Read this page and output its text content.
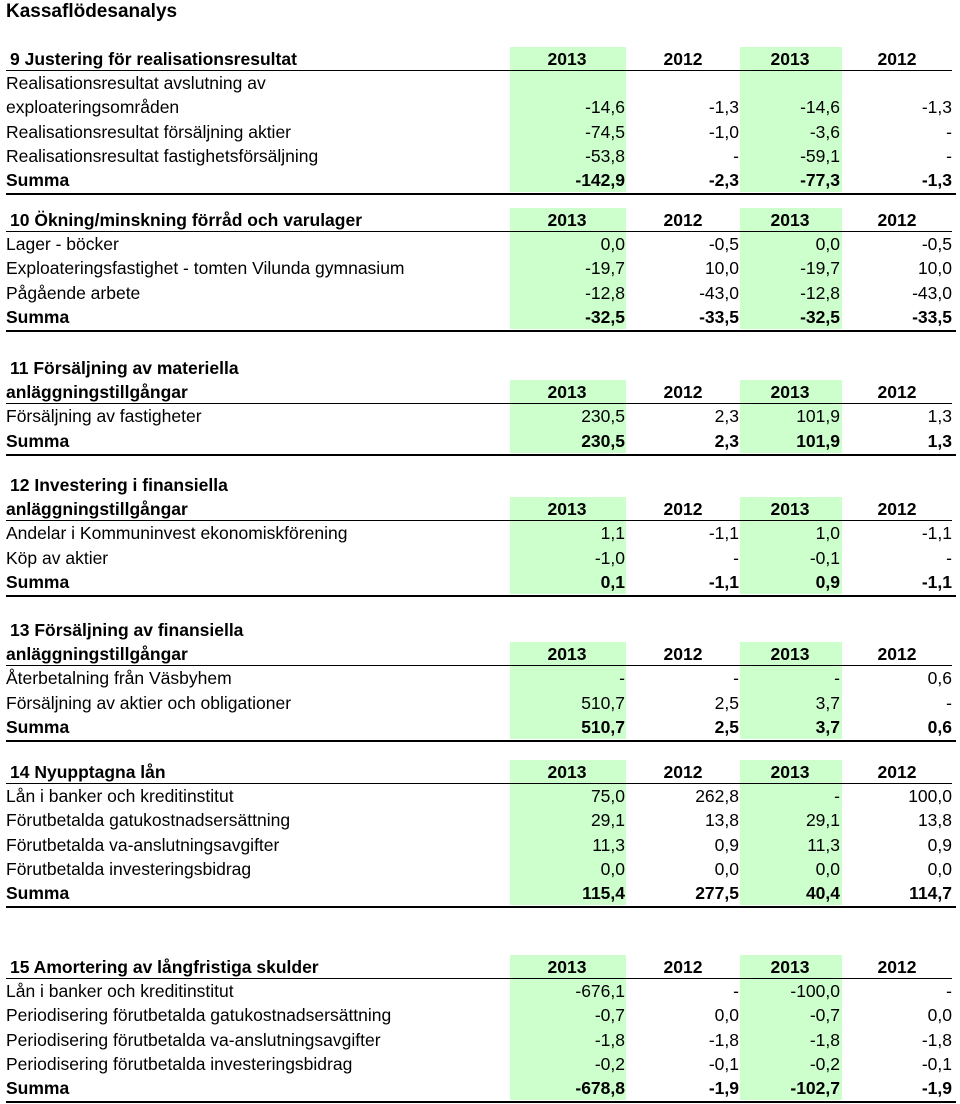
Kassaflödesanalys
9 Justering för realisationsresultat	2013	2012	2013	2012
Realisationsresultat avslutning av
exploateringsområden	-14,6	-1,3	-14,6	-1,3
Realisationsresultat försäljning aktier	-74,5	-1,0	-3,6	-
Realisationsresultat fastighetsförsäljning	-53,8	-	-59,1	-
Summa	-142,9	-2,3	-77,3	-1,3
10 Ökning/minskning förråd och varulager	2013	2012	2013	2012
Lager - böcker	0,0	-0,5	0,0	-0,5
Exploateringsfastighet - tomten Vilunda gymnasium	-19,7	10,0	-19,7	10,0
Pågående arbete	-12,8	-43,0	-12,8	-43,0
Summa	-32,5	-33,5	-32,5	-33,5
11 Försäljning av materiella
anläggningstillgångar	2013	2012	2013	2012
Försäljning av fastigheter	230,5	2,3	101,9	1,3
Summa	230,5	2,3	101,9	1,3
12 Investering i finansiella
anläggningstillgångar	2013	2012	2013	2012
Andelar i Kommuninvest ekonomiskförening	1,1	-1,1	1,0	-1,1
Köp av aktier	-1,0	-	-0,1	-
Summa	0,1	-1,1	0,9	-1,1
13 Försäljning av finansiella
anläggningstillgångar	2013	2012	2013	2012
Återbetalning från Väsbyhem	-	-	-	0,6
Försäljning av aktier och obligationer	510,7	2,5	3,7	-
Summa	510,7	2,5	3,7	0,6
14 Nyupptagna lån	2013	2012	2013	2012
Lån i banker och kreditinstitut	75,0	262,8	-	100,0
Förutbetalda gatukostnadsersättning	29,1	13,8	29,1	13,8
Förutbetalda va-anslutningsavgifter	11,3	0,9	11,3	0,9
Förutbetalda investeringsbidrag	0,0	0,0	0,0	0,0
Summa	115,4	277,5	40,4	114,7
15 Amortering av långfristiga skulder	2013	2012	2013	2012
Lån i banker och kreditinstitut	-676,1	-	-100,0	-
Periodisering förutbetalda gatukostnadsersättning	-0,7	0,0	-0,7	0,0
Periodisering förutbetalda va-anslutningsavgifter	-1,8	-1,8	-1,8	-1,8
Periodisering förutbetalda investeringsbidrag	-0,2	-0,1	-0,2	-0,1
Summa	-678,8	-1,9	-102,7	-1,9
